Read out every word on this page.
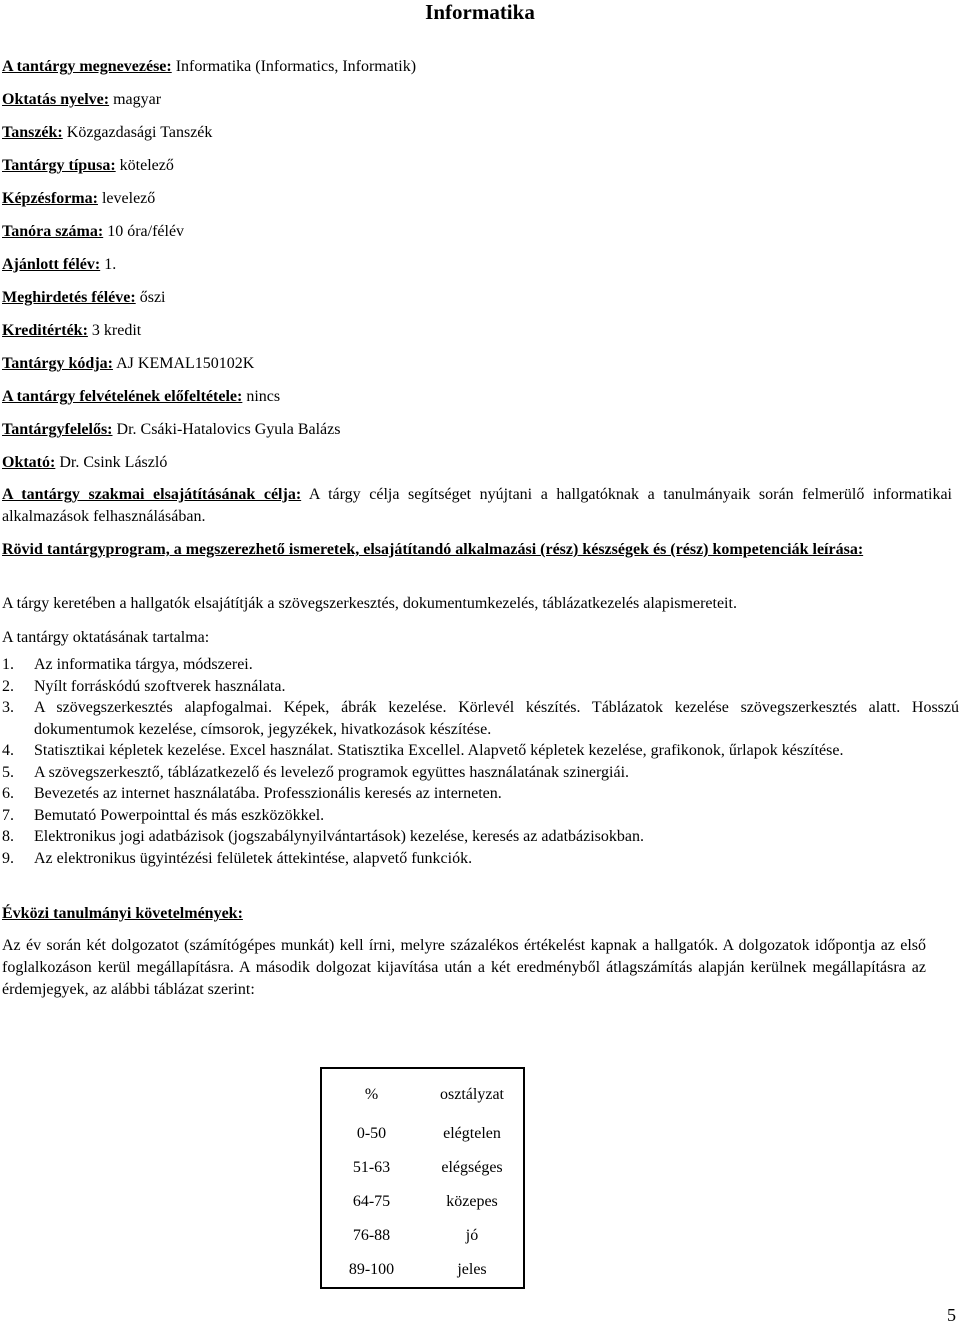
Informatika
A tantárgy megnevezése: Informatika (Informatics, Informatik)
Oktatás nyelve: magyar
Tanszék: Közgazdasági Tanszék
Tantárgy típusa: kötelező
Képzésforma: levelező
Tanóra száma: 10 óra/félév
Ajánlott félév: 1.
Meghirdetés féléve: őszi
Kreditérték: 3 kredit
Tantárgy kódja: AJ KEMAL150102K
A tantárgy felvételének előfeltétele: nincs
Tantárgyfelelős: Dr. Csáki-Hatalovics Gyula Balázs
Oktató: Dr. Csink László
A tantárgy szakmai elsajátításának célja: A tárgy célja segítséget nyújtani a hallgatóknak a tanulmányaik során felmerülő informatikai alkalmazások felhasználásában.
Rövid tantárgyprogram, a megszerezhető ismeretek, elsajátítandó alkalmazási (rész) készségek és (rész) kompetenciák leírása:
A tárgy keretében a hallgatók elsajátítják a szövegszerkesztés, dokumentumkezelés, táblázatkezelés alapismereteit.
A tantárgy oktatásának tartalma:
1. Az informatika tárgya, módszerei.
2. Nyílt forráskódú szoftverek használata.
3. A szövegszerkesztés alapfogalmai. Képek, ábrák kezelése. Körlevél készítés. Táblázatok kezelése szövegszerkesztés alatt. Hosszú dokumentumok kezelése, címsorok, jegyzékek, hivatkozások készítése.
4. Statisztikai képletek kezelése. Excel használat. Statisztika Excellel. Alapvető képletek kezelése, grafikonok, űrlapok készítése.
5. A szövegszerkesztő, táblázatkezelő és levelező programok együttes használatának szinergiái.
6. Bevezetés az internet használatába. Professzionális keresés az interneten.
7. Bemutató Powerpointtal és más eszközökkel.
8. Elektronikus jogi adatbázisok (jogszabálynyilvántartások) kezelése, keresés az adatbázisokban.
9. Az elektronikus ügyintézési felületek áttekintése, alapvető funkciók.
Évközi tanulmányi követelmények:
Az év során két dolgozatot (számítógépes munkát) kell írni, melyre százalékos értékelést kapnak a hallgatók. A dolgozatok időpontja az első foglalkozáson kerül megállapításra. A második dolgozat kijavítása után a két eredményből átlagszámítás alapján kerülnek megállapításra az érdemjegyek, az alábbi táblázat szerint:
%	osztályzat
0-50	elégtelen
51-63	elégséges
64-75	közepes
76-88	jó
89-100	jeles
5
